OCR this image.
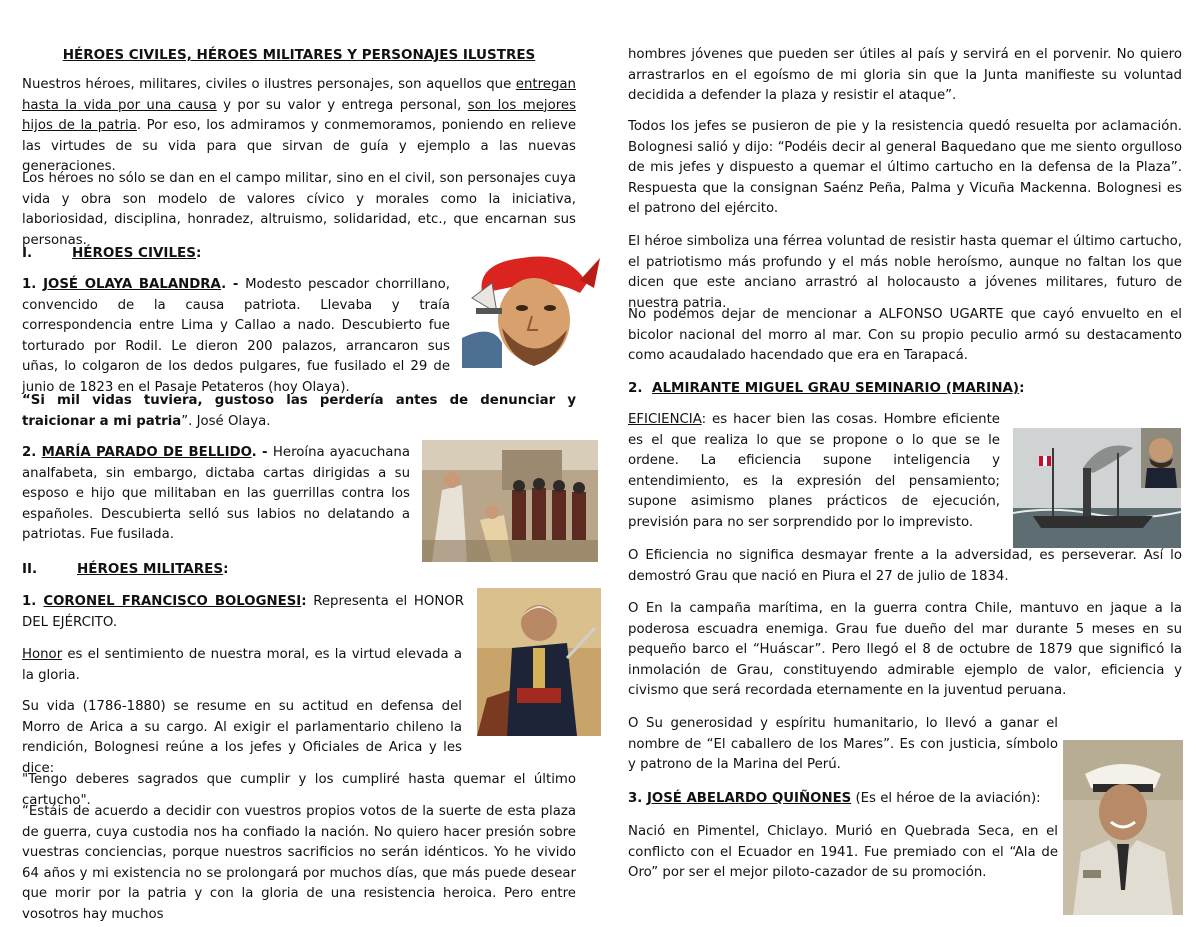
HÉROES CIVILES, HÉROES MILITARES Y PERSONAJES ILUSTRES

Nuestros héroes, militares, civiles o ilustres personajes, son aquellos que entregan hasta la vida por una causa y por su valor y entrega personal, son los mejores hijos de la patria. Por eso, los admiramos y conmemoramos, poniendo en relieve las virtudes de su vida para que sirvan de guía y ejemplo a las nuevas generaciones.

Los héroes no sólo se dan en el campo militar, sino en el civil, son personajes cuya vida y obra son modelo de valores cívico y morales como la iniciativa, laboriosidad, disciplina, honradez, altruismo, solidaridad, etc., que encarnan sus personas.

I.	HÉROES CIVILES:

1. JOSÉ OLAYA BALANDRA. - Modesto pescador chorrillano, convencido de la causa patriota. Llevaba y traía correspondencia entre Lima y Callao a nado. Descubierto fue torturado por Rodil. Le dieron 200 palazos, arrancaron sus uñas, lo colgaron de los dedos pulgares, fue fusilado el 29 de junio de 1823 en el Pasaje Petateros (hoy Olaya).

“Si mil vidas tuviera, gustoso las perdería antes de denunciar y traicionar a mi patria”. José Olaya.

2. MARÍA PARADO DE BELLIDO. - Heroína ayacuchana analfabeta, sin embargo, dictaba cartas dirigidas a su esposo e hijo que militaban en las guerrillas contra los españoles. Descubierta selló sus labios no delatando a patriotas. Fue fusilada.

II.	HÉROES MILITARES:

1. CORONEL FRANCISCO BOLOGNESI: Representa el HONOR DEL EJÉRCITO.

Honor es el sentimiento de nuestra moral, es la virtud elevada a la gloria.

Su vida (1786-1880) se resume en su actitud en defensa del Morro de Arica a su cargo. Al exigir el parlamentario chileno la rendición, Bolognesi reúne a los jefes y Oficiales de Arica y les dice:

"Tengo deberes sagrados que cumplir y los cumpliré hasta quemar el último cartucho".

“Estáis de acuerdo a decidir con vuestros propios votos de la suerte de esta plaza de guerra, cuya custodia nos ha confiado la nación. No quiero hacer presión sobre vuestras conciencias, porque nuestros sacrificios no serán idénticos. Yo he vivido 64 años y mi existencia no se prolongará por muchos días, que más puede desear que morir por la patria y con la gloria de una resistencia heroica. Pero entre vosotros hay muchos

hombres jóvenes que pueden ser útiles al país y servirá en el porvenir. No quiero arrastrarlos en el egoísmo de mi gloria sin que la Junta manifieste su voluntad decidida a defender la plaza y resistir el ataque”.

Todos los jefes se pusieron de pie y la resistencia quedó resuelta por aclamación. Bolognesi salió y dijo: “Podéis decir al general Baquedano que me siento orgulloso de mis jefes y dispuesto a quemar el último cartucho en la defensa de la Plaza”. Respuesta que la consignan Saénz Peña, Palma y Vicuña Mackenna. Bolognesi es el patrono del ejército.

El héroe simboliza una férrea voluntad de resistir hasta quemar el último cartucho, el patriotismo más profundo y el más noble heroísmo, aunque no faltan los que dicen que este anciano arrastró al holocausto a jóvenes militares, futuro de nuestra patria.

No podemos dejar de mencionar a ALFONSO UGARTE que cayó envuelto en el bicolor nacional del morro al mar. Con su propio peculio armó su destacamento como acaudalado hacendado que era en Tarapacá.

2. ALMIRANTE MIGUEL GRAU SEMINARIO (MARINA):

EFICIENCIA: es hacer bien las cosas. Hombre eficiente es el que realiza lo que se propone o lo que se le ordene. La eficiencia supone inteligencia y entendimiento, es la expresión del pensamiento; supone asimismo planes prácticos de ejecución, previsión para no ser sorprendido por lo imprevisto.

O Eficiencia no significa desmayar frente a la adversidad, es perseverar. Así lo demostró Grau que nació en Piura el 27 de julio de 1834.

O En la campaña marítima, en la guerra contra Chile, mantuvo en jaque a la poderosa escuadra enemiga. Grau fue dueño del mar durante 5 meses en su pequeño barco el “Huáscar”. Pero llegó el 8 de octubre de 1879 que significó la inmolación de Grau, constituyendo admirable ejemplo de valor, eficiencia y civismo que será recordada eternamente en la juventud peruana.

O Su generosidad y espíritu humanitario, lo llevó a ganar el nombre de “El caballero de los Mares”. Es con justicia, símbolo y patrono de la Marina del Perú.

3. JOSÉ ABELARDO QUIÑONES (Es el héroe de la aviación):

Nació en Pimentel, Chiclayo. Murió en Quebrada Seca, en el conflicto con el Ecuador en 1941. Fue premiado con el “Ala de Oro” por ser el mejor piloto-cazador de su promoción.
